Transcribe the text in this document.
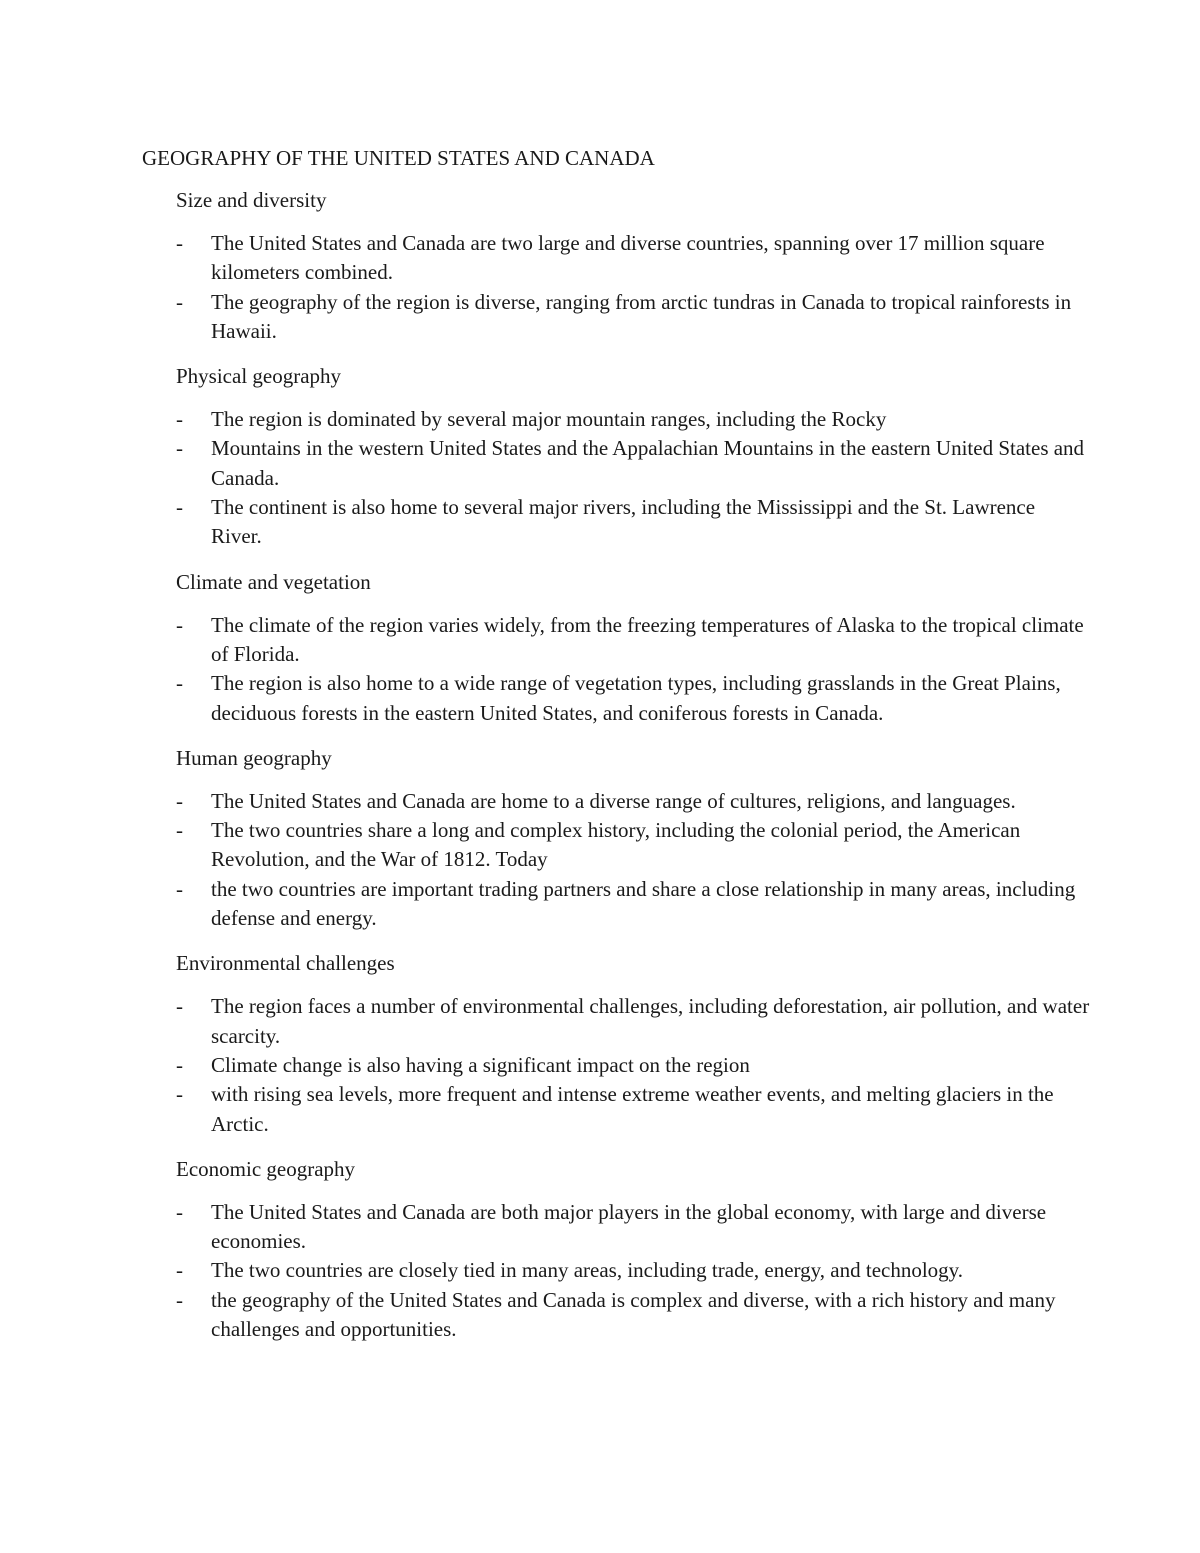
GEOGRAPHY OF THE UNITED STATES AND CANADA
Size and diversity
-	The United States and Canada are two large and diverse countries, spanning over 17 million square kilometers combined.
-	The geography of the region is diverse, ranging from arctic tundras in Canada to tropical rainforests in Hawaii.
Physical geography
-	The region is dominated by several major mountain ranges, including the Rocky
-	Mountains in the western United States and the Appalachian Mountains in the eastern United States and Canada.
-	The continent is also home to several major rivers, including the Mississippi and the St. Lawrence River.
Climate and vegetation
-	The climate of the region varies widely, from the freezing temperatures of Alaska to the tropical climate of Florida.
-	The region is also home to a wide range of vegetation types, including grasslands in the Great Plains, deciduous forests in the eastern United States, and coniferous forests in Canada.
Human geography
-	The United States and Canada are home to a diverse range of cultures, religions, and languages.
-	The two countries share a long and complex history, including the colonial period, the American Revolution, and the War of 1812. Today
-	the two countries are important trading partners and share a close relationship in many areas, including defense and energy.
Environmental challenges
-	The region faces a number of environmental challenges, including deforestation, air pollution, and water scarcity.
-	Climate change is also having a significant impact on the region
-	with rising sea levels, more frequent and intense extreme weather events, and melting glaciers in the Arctic.
Economic geography
-	The United States and Canada are both major players in the global economy, with large and diverse economies.
-	The two countries are closely tied in many areas, including trade, energy, and technology.
-	the geography of the United States and Canada is complex and diverse, with a rich history and many challenges and opportunities.
